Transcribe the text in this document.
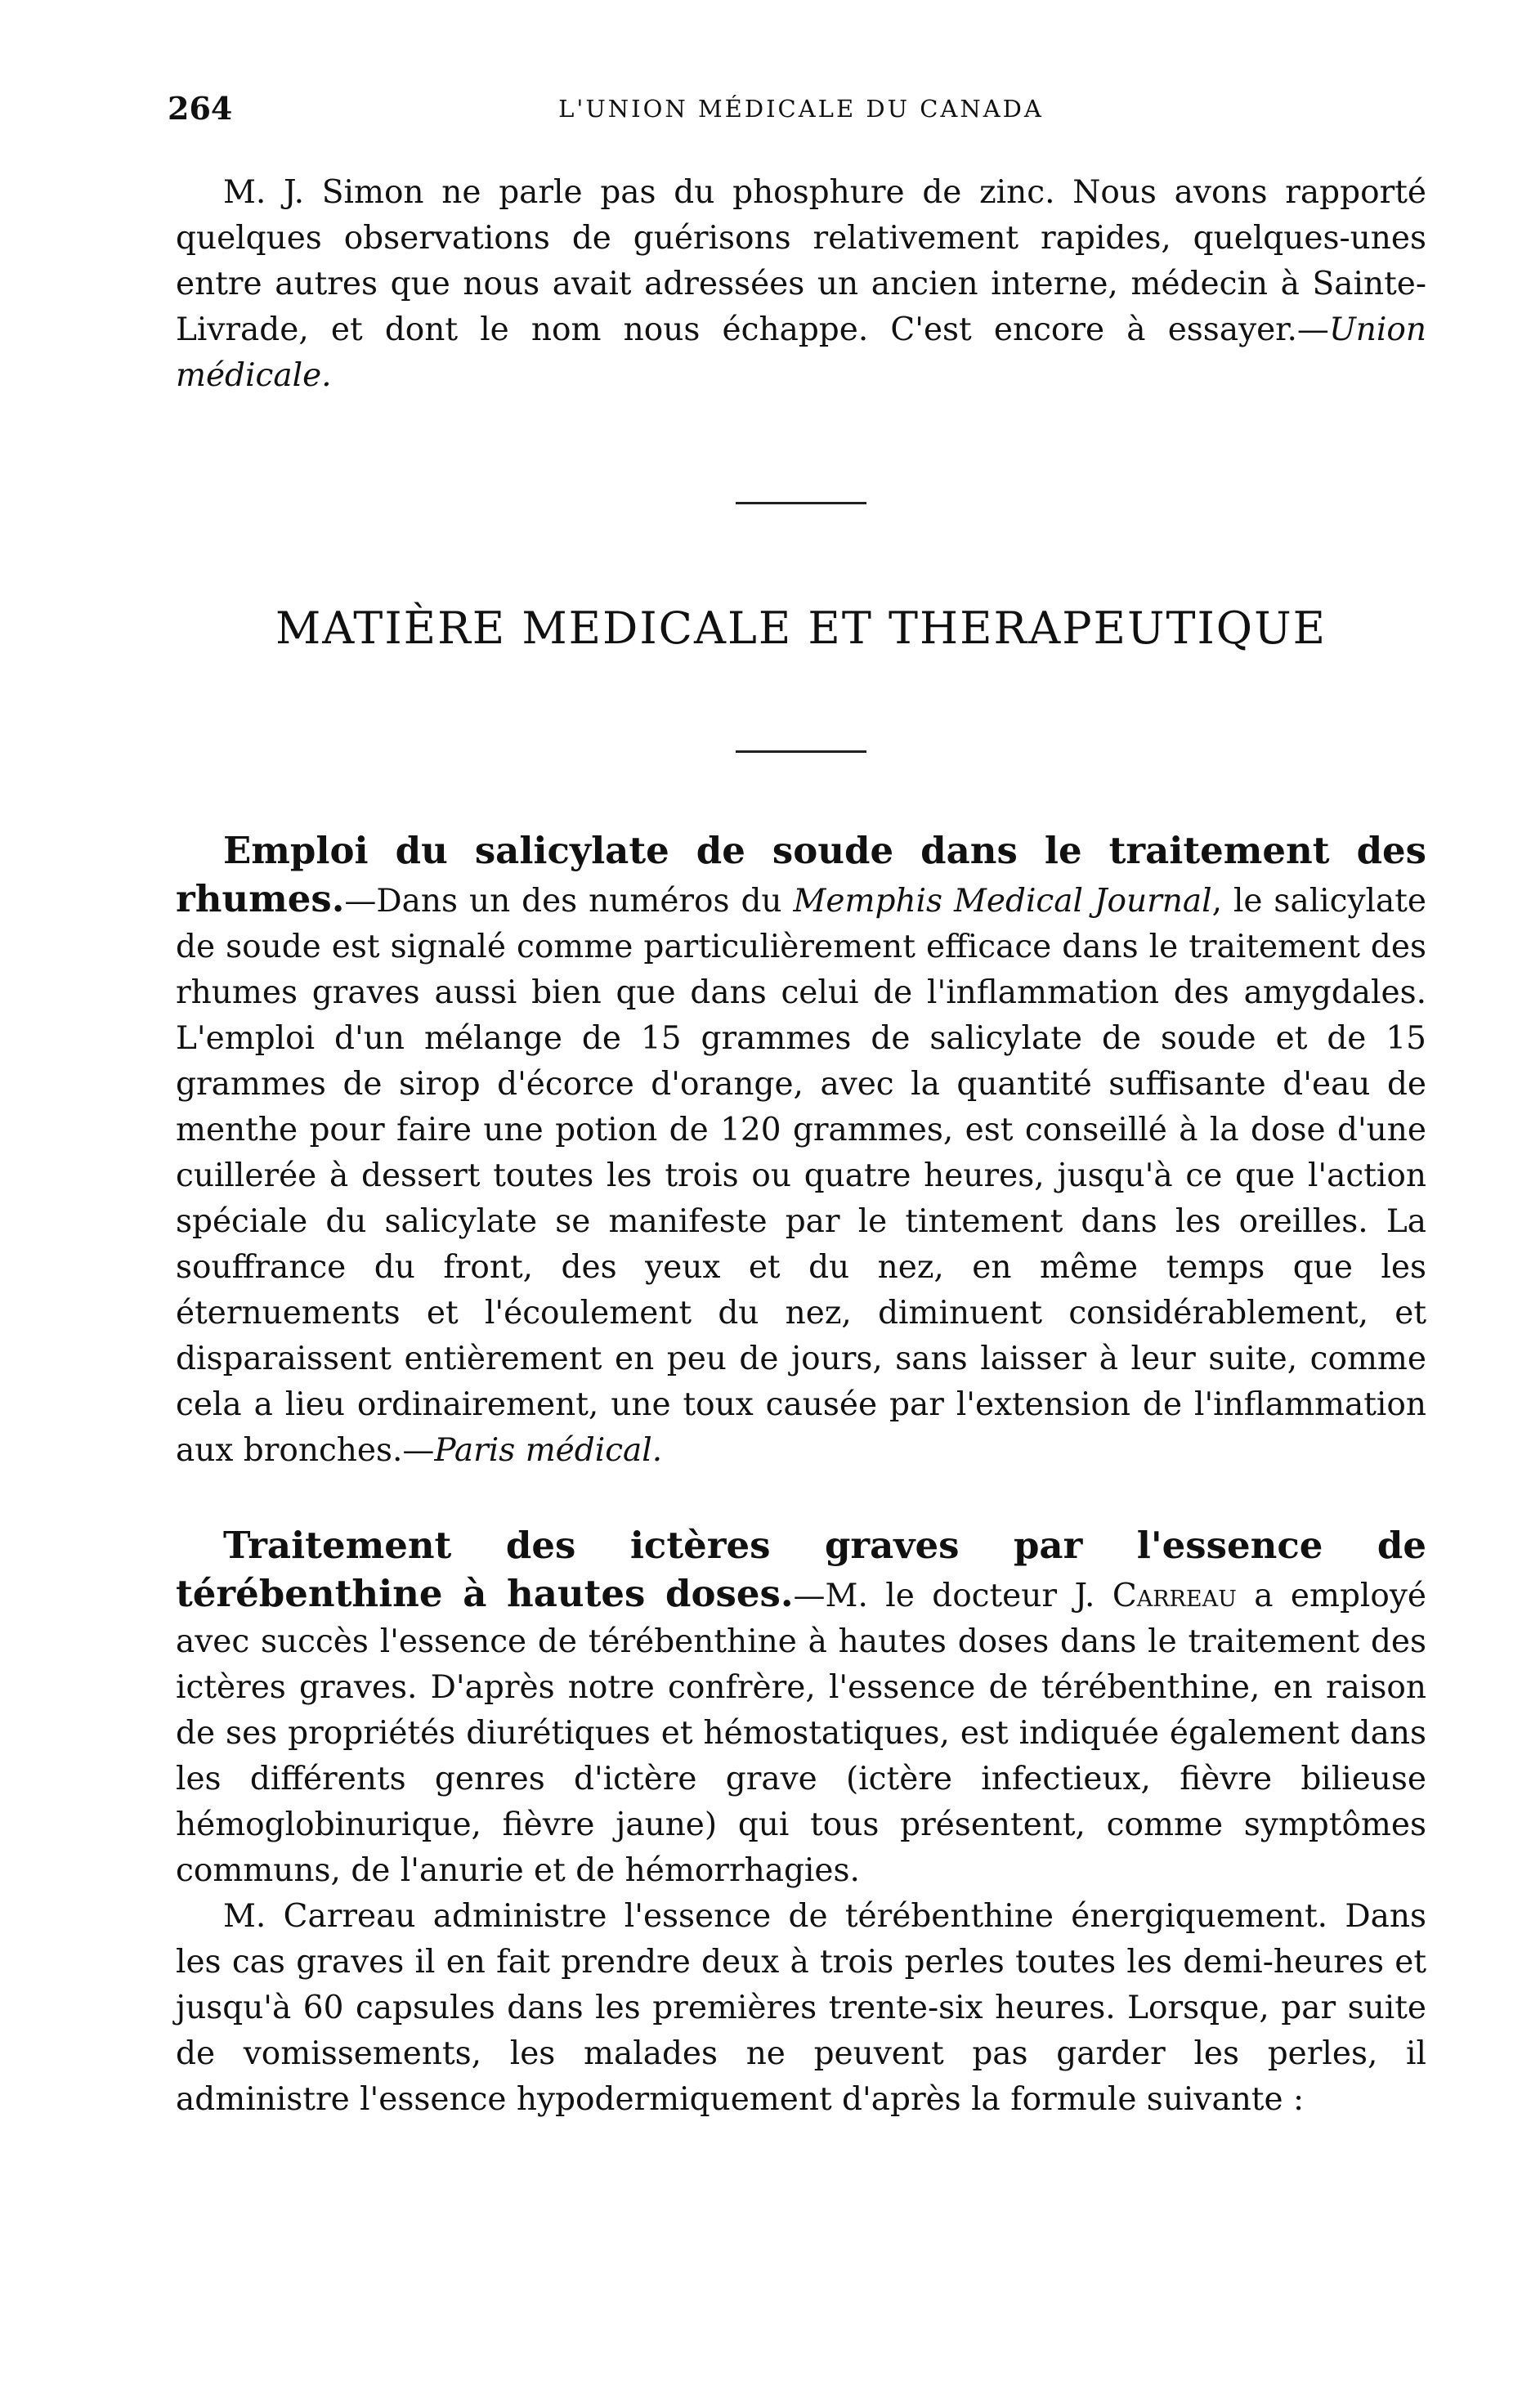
264	L'UNION MÉDICALE DU CANADA

M. J. Simon ne parle pas du phosphure de zinc. Nous avons rapporté quelques observations de guérisons relativement rapides, quelques-unes entre autres que nous avait adressées un ancien interne, médecin à Sainte-Livrade, et dont le nom nous échappe. C'est encore à essayer.—Union médicale.

MATIÈRE MEDICALE ET THERAPEUTIQUE

Emploi du salicylate de soude dans le traitement des rhumes.—Dans un des numéros du Memphis Medical Journal, le salicylate de soude est signalé comme particulièrement efficace dans le traitement des rhumes graves aussi bien que dans celui de l'inflammation des amygdales. L'emploi d'un mélange de 15 grammes de salicylate de soude et de 15 grammes de sirop d'écorce d'orange, avec la quantité suffisante d'eau de menthe pour faire une potion de 120 grammes, est conseillé à la dose d'une cuillerée à dessert toutes les trois ou quatre heures, jusqu'à ce que l'action spéciale du salicylate se manifeste par le tintement dans les oreilles. La souffrance du front, des yeux et du nez, en même temps que les éternuements et l'écoulement du nez, diminuent considérablement, et disparaissent entièrement en peu de jours, sans laisser à leur suite, comme cela a lieu ordinairement, une toux causée par l'extension de l'inflammation aux bronches.—Paris médical.

Traitement des ictères graves par l'essence de térébenthine à hautes doses.—M. le docteur J. Carreau a employé avec succès l'essence de térébenthine à hautes doses dans le traitement des ictères graves. D'après notre confrère, l'essence de térébenthine, en raison de ses propriétés diurétiques et hémostatiques, est indiquée également dans les différents genres d'ictère grave (ictère infectieux, fièvre bilieuse hémoglobinurique, fièvre jaune) qui tous présentent, comme symptômes communs, de l'anurie et de hémorrhagies.

M. Carreau administre l'essence de térébenthine énergiquement. Dans les cas graves il en fait prendre deux à trois perles toutes les demi-heures et jusqu'à 60 capsules dans les premières trente-six heures. Lorsque, par suite de vomissements, les malades ne peuvent pas garder les perles, il administre l'essence hypodermiquement d'après la formule suivante :
